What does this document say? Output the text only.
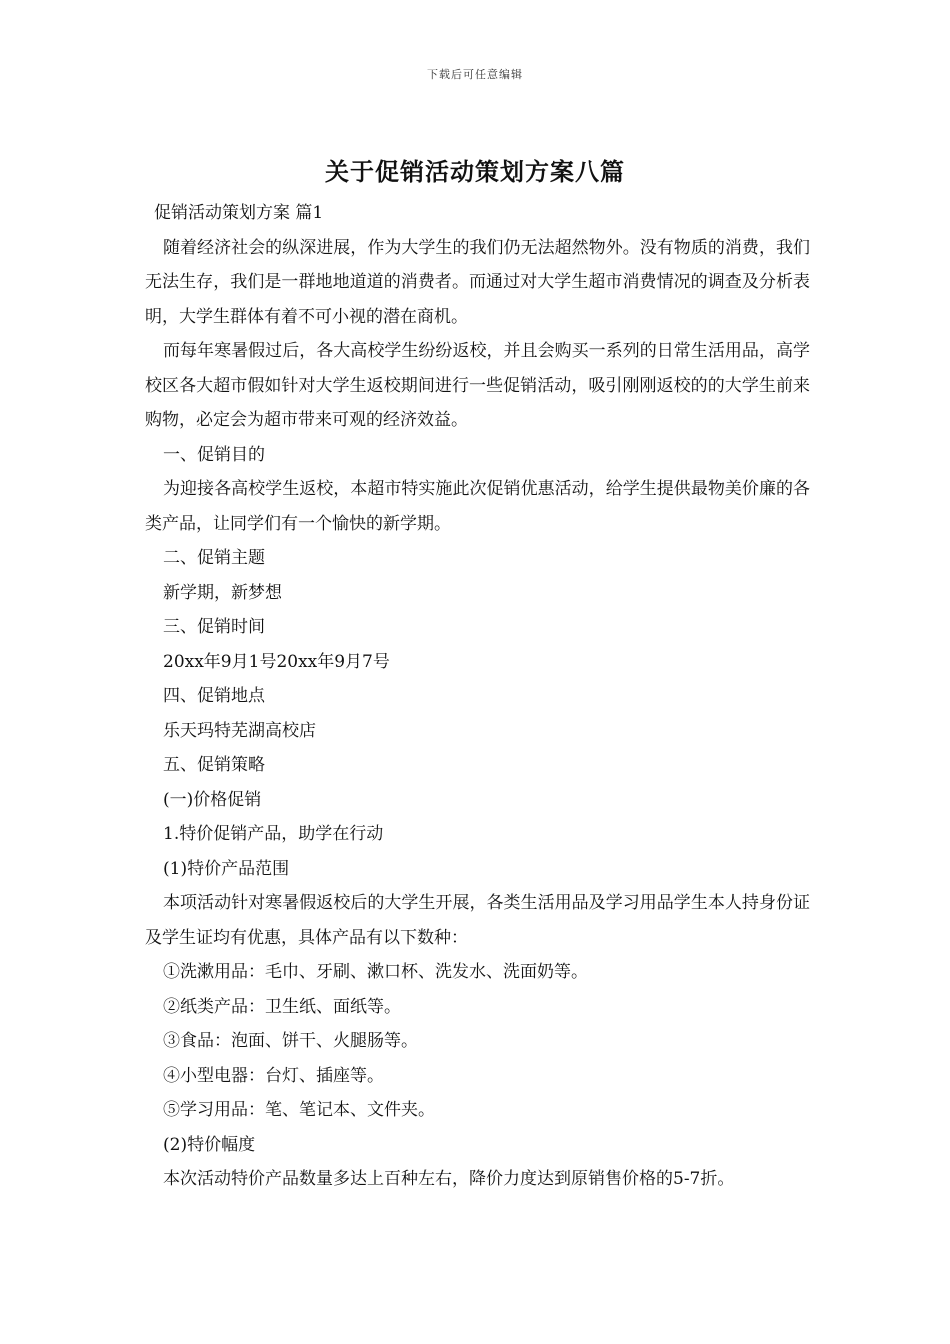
下载后可任意编辑
关于促销活动策划方案八篇

促销活动策划方案 篇1

随着经济社会的纵深进展，作为大学生的我们仍无法超然物外。没有物质的消费，我们无法生存，我们是一群地地道道的消费者。而通过对大学生超市消费情况的调查及分析表明，大学生群体有着不可小视的潜在商机。

而每年寒暑假过后，各大高校学生纷纷返校，并且会购买一系列的日常生活用品，高学校区各大超市假如针对大学生返校期间进行一些促销活动，吸引刚刚返校的的大学生前来购物，必定会为超市带来可观的经济效益。

一、促销目的

为迎接各高校学生返校，本超市特实施此次促销优惠活动，给学生提供最物美价廉的各类产品，让同学们有一个愉快的新学期。

二、促销主题

新学期，新梦想

三、促销时间

20xx年9月1号20xx年9月7号

四、促销地点

乐天玛特芜湖高校店

五、促销策略

(一)价格促销

1.特价促销产品，助学在行动

(1)特价产品范围

本项活动针对寒暑假返校后的大学生开展，各类生活用品及学习用品学生本人持身份证及学生证均有优惠，具体产品有以下数种：

①洗漱用品：毛巾、牙刷、漱口杯、洗发水、洗面奶等。

②纸类产品：卫生纸、面纸等。

③食品：泡面、饼干、火腿肠等。

④小型电器：台灯、插座等。

⑤学习用品：笔、笔记本、文件夹。

(2)特价幅度

本次活动特价产品数量多达上百种左右，降价力度达到原销售价格的5-7折。
